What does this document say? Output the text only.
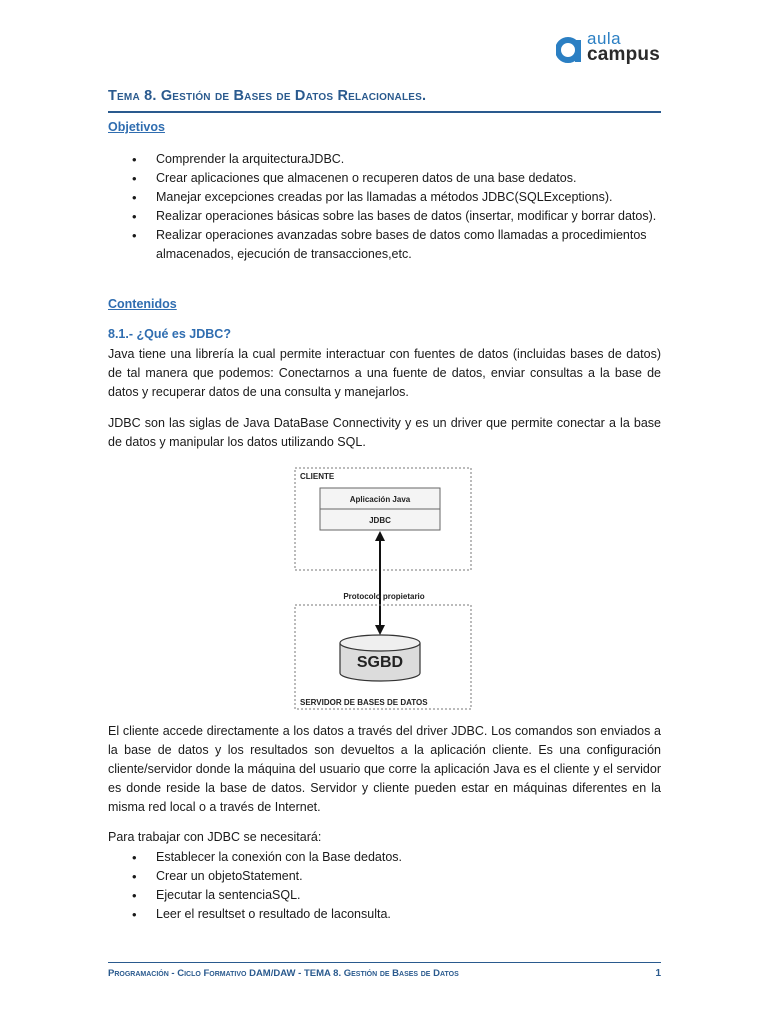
aula
campus
Tema 8. Gestión de Bases de Datos Relacionales.
Objetivos
• Comprender la arquitecturaJDBC.
• Crear aplicaciones que almacenen o recuperen datos de una base dedatos.
• Manejar excepciones creadas por las llamadas a métodos JDBC(SQLExceptions).
• Realizar operaciones básicas sobre las bases de datos (insertar, modificar y borrar datos).
• Realizar operaciones avanzadas sobre bases de datos como llamadas a procedimientos almacenados, ejecución de transacciones,etc.
Contenidos
8.1.- ¿Qué es JDBC?

Java tiene una librería la cual permite interactuar con fuentes de datos (incluidas bases de datos) de tal manera que podemos: Conectarnos a una fuente de datos, enviar consultas a la base de datos y recuperar datos de una consulta y manejarlos.

JDBC son las siglas de Java DataBase Connectivity y es un driver que permite conectar a la base de datos y manipular los datos utilizando SQL.

CLIENTE
Aplicación Java
JDBC
Protocolo propietario
SGBD
SERVIDOR DE BASES DE DATOS

El cliente accede directamente a los datos a través del driver JDBC. Los comandos son enviados a la base de datos y los resultados son devueltos a la aplicación cliente. Es una configuración cliente/servidor donde la máquina del usuario que corre la aplicación Java es el cliente y el servidor es donde reside la base de datos. Servidor y cliente pueden estar en máquinas diferentes en la misma red local o a través de Internet.

Para trabajar con JDBC se necesitará:

• Establecer la conexión con la Base dedatos.
• Crear un objetoStatement.
• Ejecutar la sentenciaSQL.
• Leer el resultset o resultado de laconsulta.
Programación - Ciclo Formativo DAM/DAW - TEMA 8. Gestión de Bases de Datos	1
